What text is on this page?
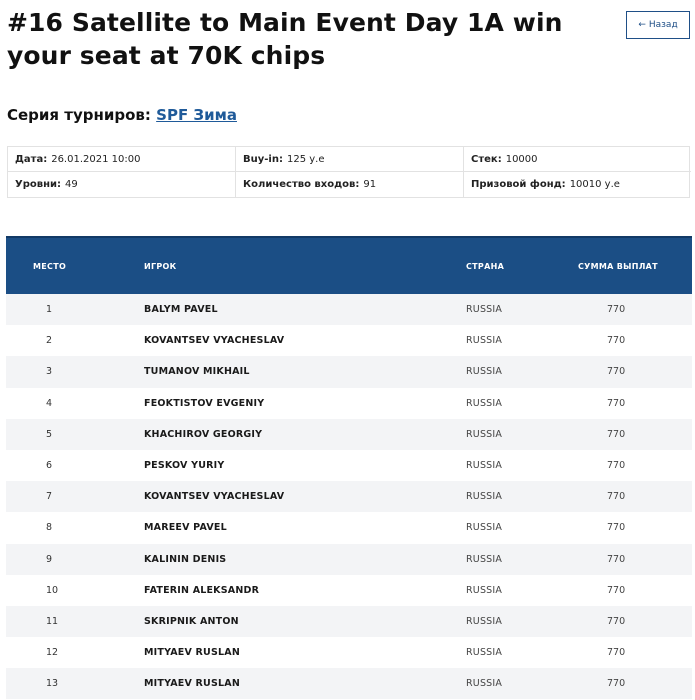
#16 Satellite to Main Event Day 1A win your seat at 70K chips
← Назад
Серия турниров: SPF Зима
Дата: 26.01.2021 10:00	Buy-in: 125 у.е	Стек: 10000
Уровни: 49	Количество входов: 91	Призовой фонд: 10010 у.е
МЕСТО	ИГРОК	СТРАНА	СУММА ВЫПЛАТ
1	BALYM PAVEL	RUSSIA	770
2	KOVANTSEV VYACHESLAV	RUSSIA	770
3	TUMANOV MIKHAIL	RUSSIA	770
4	FEOKTISTOV EVGENIY	RUSSIA	770
5	KHACHIROV GEORGIY	RUSSIA	770
6	PESKOV YURIY	RUSSIA	770
7	KOVANTSEV VYACHESLAV	RUSSIA	770
8	MAREEV PAVEL	RUSSIA	770
9	KALININ DENIS	RUSSIA	770
10	FATERIN ALEKSANDR	RUSSIA	770
11	SKRIPNIK ANTON	RUSSIA	770
12	MITYAEV RUSLAN	RUSSIA	770
13	MITYAEV RUSLAN	RUSSIA	770
